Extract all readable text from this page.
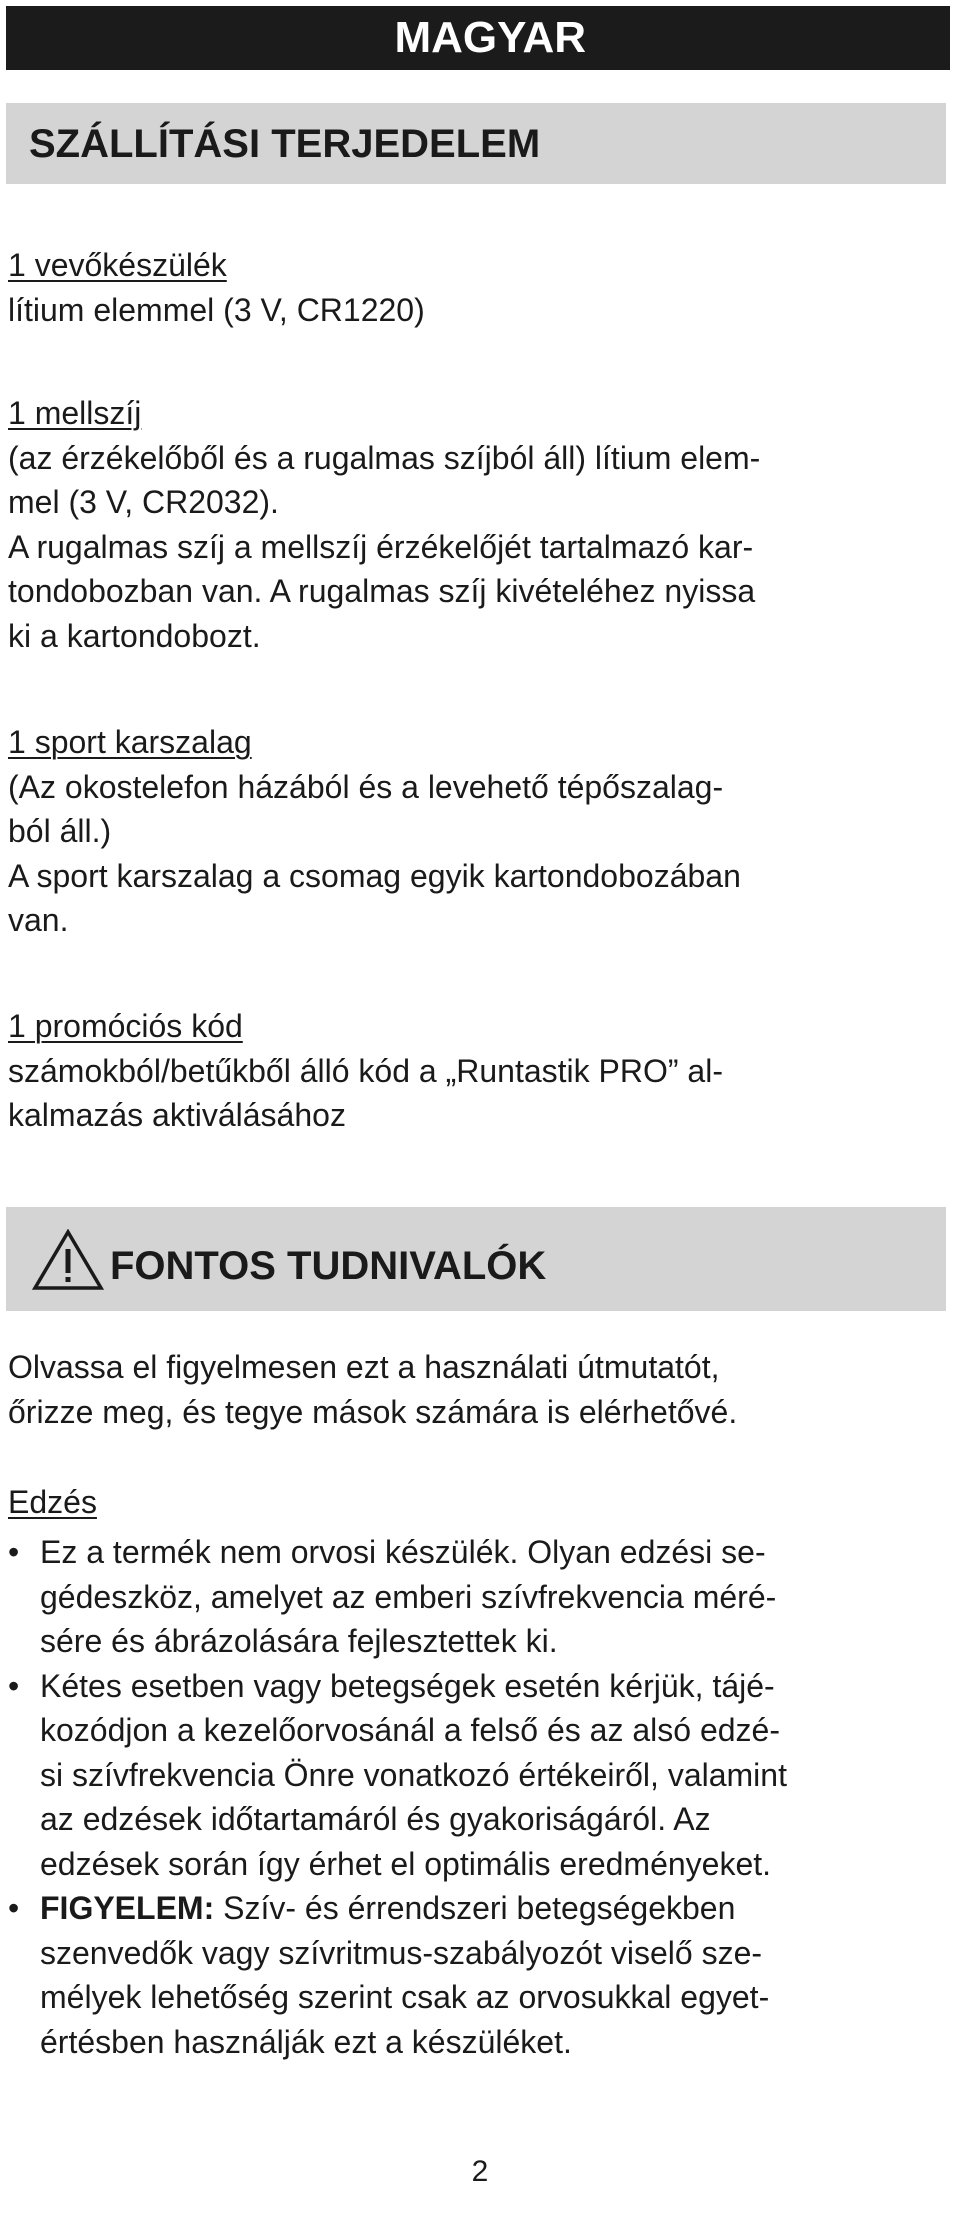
MAGYAR
SZÁLLÍTÁSI TERJEDELEM

1 vevőkészülék

lítium elemmel (3 V, CR1220)

1 mellszíj

(az érzékelőből és a rugalmas szíjból áll) lítium elem-

mel (3 V, CR2032).

A rugalmas szíj a mellszíj érzékelőjét tartalmazó kar-

tondobozban van. A rugalmas szíj kivételéhez nyissa

ki a kartondobozt.

1 sport karszalag

(Az okostelefon házából és a levehető tépőszalag-

ból áll.)

A sport karszalag a csomag egyik kartondobozában

van.

1 promóciós kód

számokból/betűkből álló kód a „Runtastik PRO” al-

kalmazás aktiválásához

FONTOS TUDNIVALÓK

Olvassa el figyelmesen ezt a használati útmutatót,

őrizze meg, és tegye mások számára is elérhetővé.

Edzés

• Ez a termék nem orvosi készülék. Olyan edzési se-
gédeszköz, amelyet az emberi szívfrekvencia méré-
sére és ábrázolására fejlesztettek ki.
• Kétes esetben vagy betegségek esetén kérjük, tájé-
kozódjon a kezelőorvosánál a felső és az alsó edzé-
si szívfrekvencia Önre vonatkozó értékeiről, valamint
az edzések időtartamáról és gyakoriságáról. Az
edzések során így érhet el optimális eredményeket.
• FIGYELEM: Szív- és érrendszeri betegségekben
szenvedők vagy szívritmus-szabályozót viselő sze-
mélyek lehetőség szerint csak az orvosukkal egyet-
értésben használják ezt a készüléket.
2
